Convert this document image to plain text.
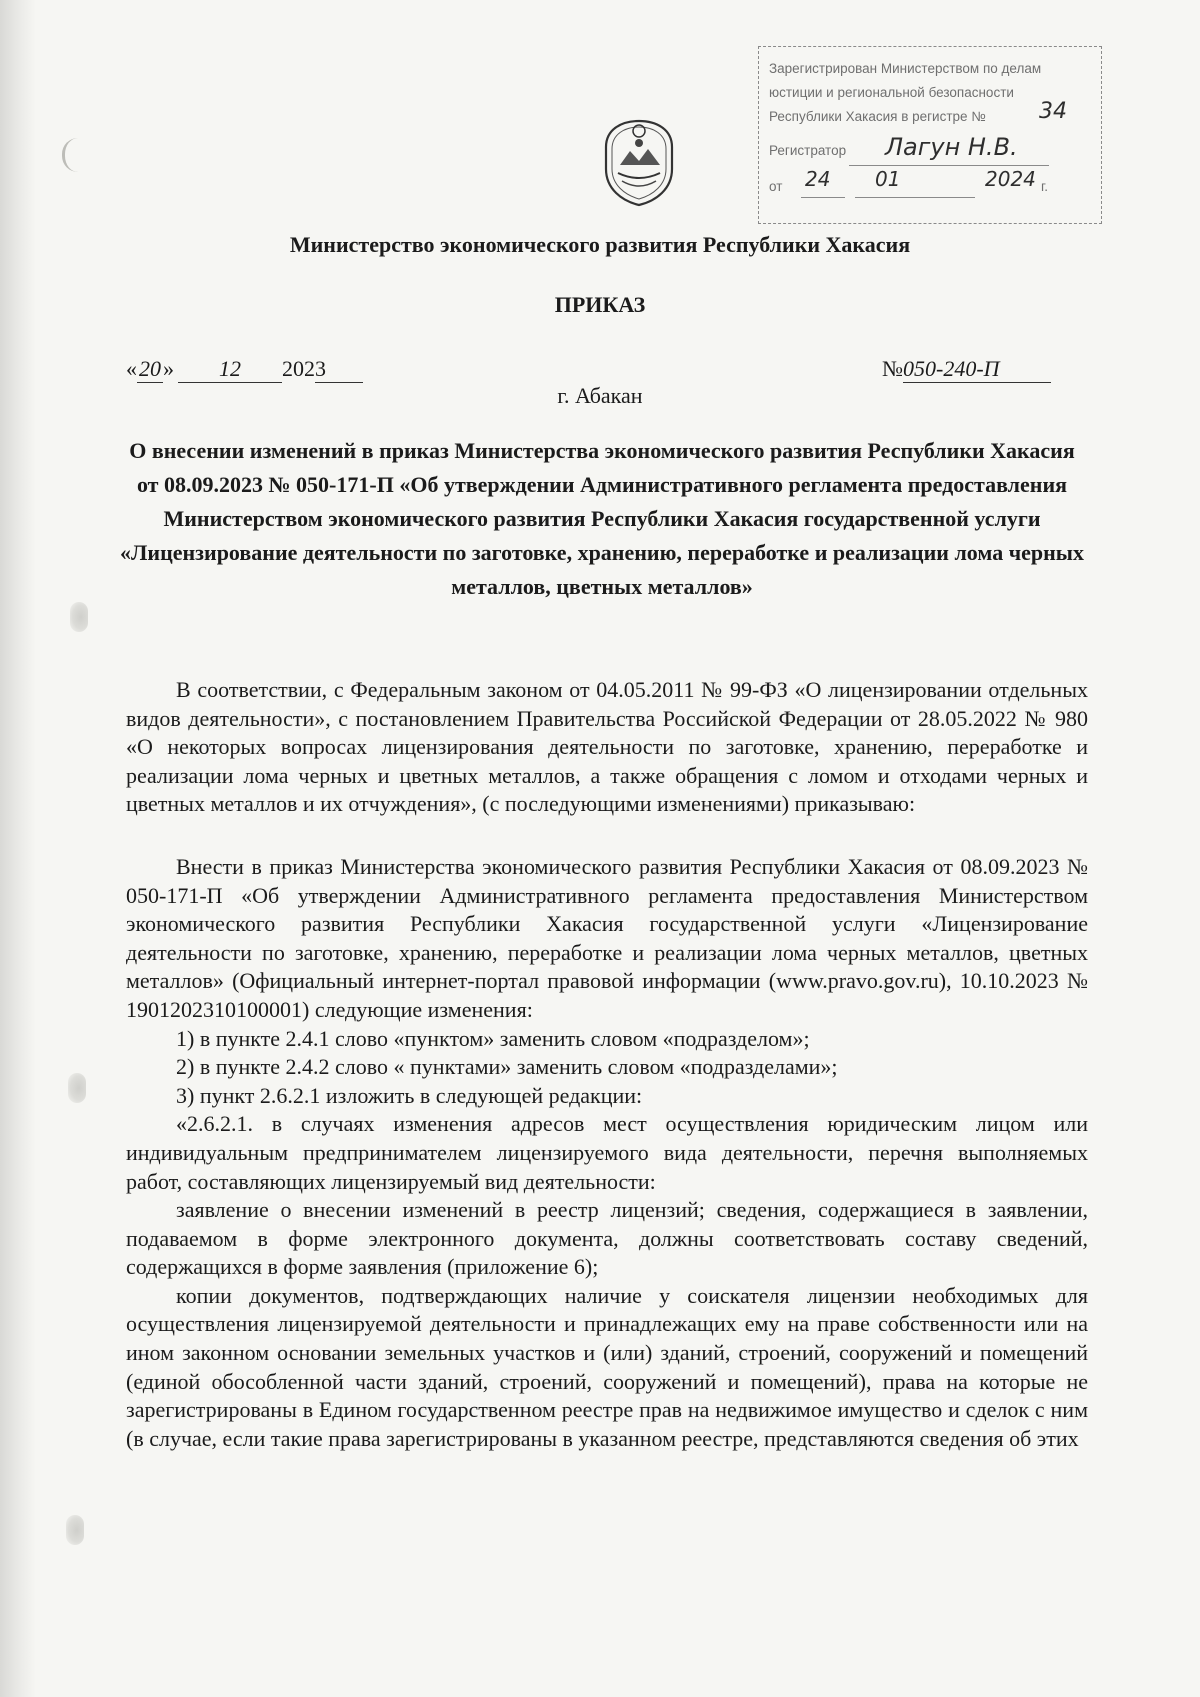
Зарегистрирован Министерством по делам
юстиции и региональной безопасности
Республики Хакасия в регистре № 34
Регистратор Лагун Н.В.
от 24 01	2024 г.
Министерство экономического развития Республики Хакасия
ПРИКАЗ
«20» 12 2023	№050-240-П
г. Абакан
О внесении изменений в приказ Министерства экономического развития Республики Хакасия от 08.09.2023 № 050-171-П «Об утверждении Административного регламента предоставления Министерством экономического развития Республики Хакасия государственной услуги «Лицензирование деятельности по заготовке, хранению, переработке и реализации лома черных металлов, цветных металлов»

В соответствии, с Федеральным законом от 04.05.2011 № 99-ФЗ «О лицензировании отдельных видов деятельности», с постановлением Правительства Российской Федерации от 28.05.2022 № 980 «О некоторых вопросах лицензирования деятельности по заготовке, хранению, переработке и реализации лома черных и цветных металлов, а также обращения с ломом и отходами черных и цветных металлов и их отчуждения», (с последующими изменениями) приказываю:

Внести в приказ Министерства экономического развития Республики Хакасия от 08.09.2023 № 050-171-П «Об утверждении Административного регламента предоставления Министерством экономического развития Республики Хакасия государственной услуги «Лицензирование деятельности по заготовке, хранению, переработке и реализации лома черных металлов, цветных металлов» (Официальный интернет-портал правовой информации (www.pravo.gov.ru), 10.10.2023 № 1901202310100001) следующие изменения:

1) в пункте 2.4.1 слово «пунктом» заменить словом «подразделом»;

2) в пункте 2.4.2 слово « пунктами» заменить словом «подразделами»;

3) пункт 2.6.2.1 изложить в следующей редакции:

«2.6.2.1. в случаях изменения адресов мест осуществления юридическим лицом или индивидуальным предпринимателем лицензируемого вида деятельности, перечня выполняемых работ, составляющих лицензируемый вид деятельности:

заявление о внесении изменений в реестр лицензий; сведения, содержащиеся в заявлении, подаваемом в форме электронного документа, должны соответствовать составу сведений, содержащихся в форме заявления (приложение 6);

копии документов, подтверждающих наличие у соискателя лицензии необходимых для осуществления лицензируемой деятельности и принадлежащих ему на праве собственности или на ином законном основании земельных участков и (или) зданий, строений, сооружений и помещений (единой обособленной части зданий, строений, сооружений и помещений), права на которые не зарегистрированы в Едином государственном реестре прав на недвижимое имущество и сделок с ним (в случае, если такие права зарегистрированы в указанном реестре, представляются сведения об этих
